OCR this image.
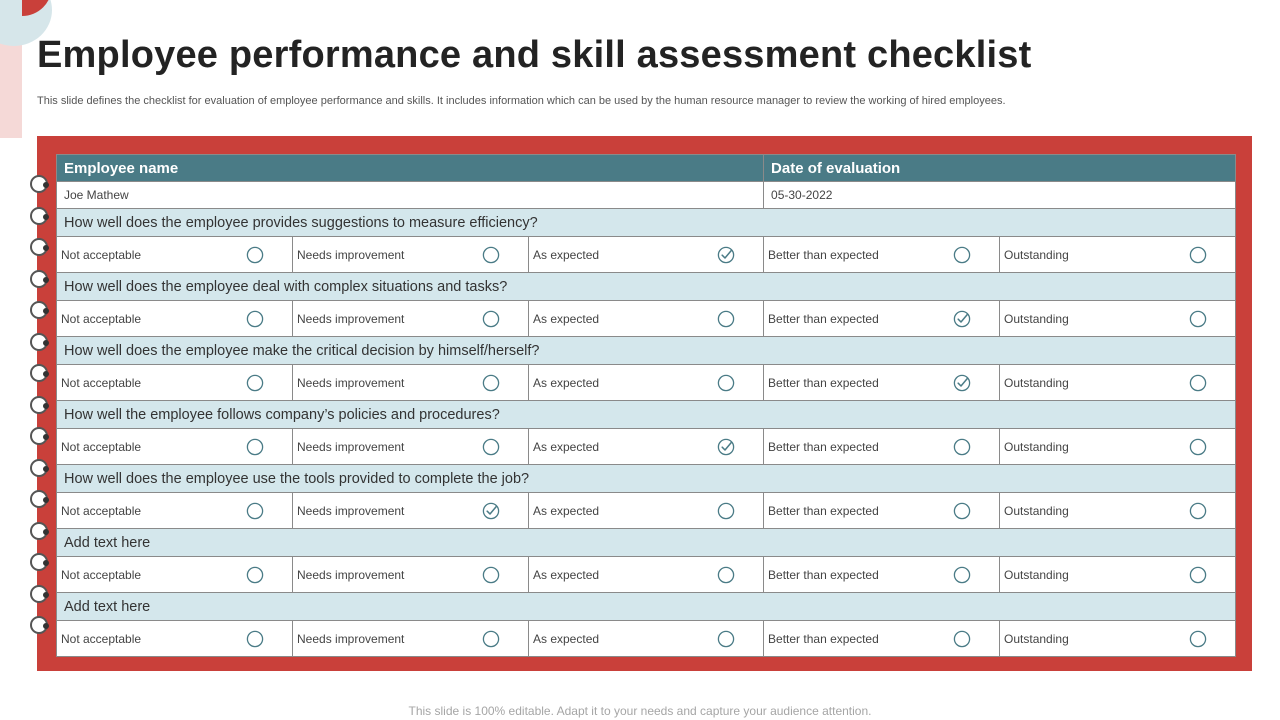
Employee performance and skill assessment checklist

This slide defines the checklist for evaluation of employee performance and skills. It includes information which can be used by the human resource manager to review the working of hired employees.

Employee name			Date of evaluation	
Joe Mathew			05-30-2022	
How well does the employee provides suggestions to measure efficiency?				

Not acceptable	Needs improvement	As expected	Better than expected	Outstanding

How well does the employee deal with complex situations and tasks?				

Not acceptable	Needs improvement	As expected	Better than expected	Outstanding

How well does the employee make the critical decision by himself/herself?				

Not acceptable	Needs improvement	As expected	Better than expected	Outstanding

How well the employee follows company’s policies and procedures?				

Not acceptable	Needs improvement	As expected	Better than expected	Outstanding

How well does the employee use the tools provided to complete the job?				

Not acceptable	Needs improvement	As expected	Better than expected	Outstanding

Add text here				

Not acceptable	Needs improvement	As expected	Better than expected	Outstanding

Add text here				

Not acceptable	Needs improvement	As expected	Better than expected	Outstanding
This slide is 100% editable. Adapt it to your needs and capture your audience attention.
